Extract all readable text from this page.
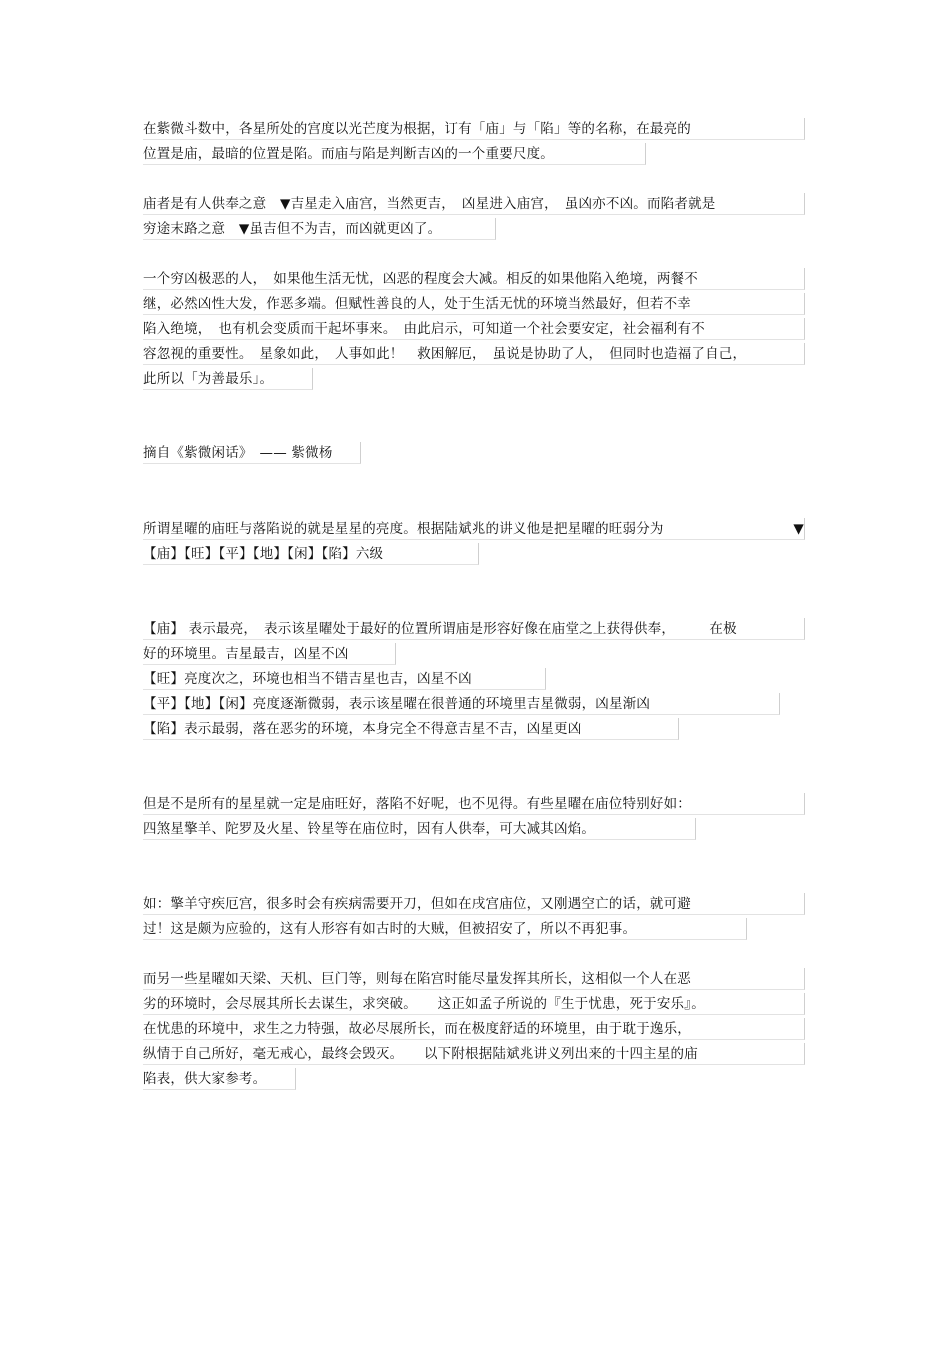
在紫微斗数中，各星所处的宫度以光芒度为根据，订有「庙」与「陷」等的名称，在最亮的
位置是庙，最暗的位置是陷。而庙与陷是判断吉凶的一个重要尺度。
庙者是有人供奉之意　▼吉星走入庙宫，当然更吉，　凶星进入庙宫，　虽凶亦不凶。而陷者就是
穷途末路之意　▼虽吉但不为吉，而凶就更凶了。
一个穷凶极恶的人，　如果他生活无忧，凶恶的程度会大减。相反的如果他陷入绝境，两餐不
继，必然凶性大发，作恶多端。但赋性善良的人，处于生活无忧的环境当然最好，但若不幸
陷入绝境，　也有机会变质而干起坏事来。　由此启示，可知道一个社会要安定，社会福利有不
容忽视的重要性。　星象如此，　人事如此！　救困解厄，　虽说是协助了人，　但同时也造福了自己，
此所以「为善最乐」。
摘自《紫微闲话》　—— 紫微杨
所谓星曜的庙旺与落陷说的就是星星的亮度。根据陆斌兆的讲义他是把星曜的旺弱分为	▼
【庙】【旺】【平】【地】【闲】【陷】六级
【庙】 表示最亮，　表示该星曜处于最好的位置所谓庙是形容好像在庙堂之上获得供奉，　　　在极
好的环境里。吉星最吉，凶星不凶
【旺】亮度次之，环境也相当不错吉星也吉，凶星不凶
【平】【地】【闲】亮度逐渐微弱，表示该星曜在很普通的环境里吉星微弱，凶星渐凶
【陷】表示最弱，落在恶劣的环境，本身完全不得意吉星不吉，凶星更凶
但是不是所有的星星就一定是庙旺好，落陷不好呢，也不见得。有些星曜在庙位特别好如：
四煞星擎羊、陀罗及火星、铃星等在庙位时，因有人供奉，可大减其凶焰。
如：擎羊守疾厄宫，很多时会有疾病需要开刀，但如在戌宫庙位，又刚遇空亡的话，就可避
过！这是颇为应验的，这有人形容有如古时的大贼，但被招安了，所以不再犯事。
而另一些星曜如天梁、天机、巨门等，则每在陷宫时能尽量发挥其所长，这相似一个人在恶
劣的环境时，会尽展其所长去谋生，求突破。　　这正如孟子所说的『生于忧患，死于安乐』。
在忧患的环境中，求生之力特强，故必尽展所长，而在极度舒适的环境里，由于耽于逸乐，
纵情于自己所好，毫无戒心，最终会毁灭。　　以下附根据陆斌兆讲义列出来的十四主星的庙
陷表，供大家参考。
